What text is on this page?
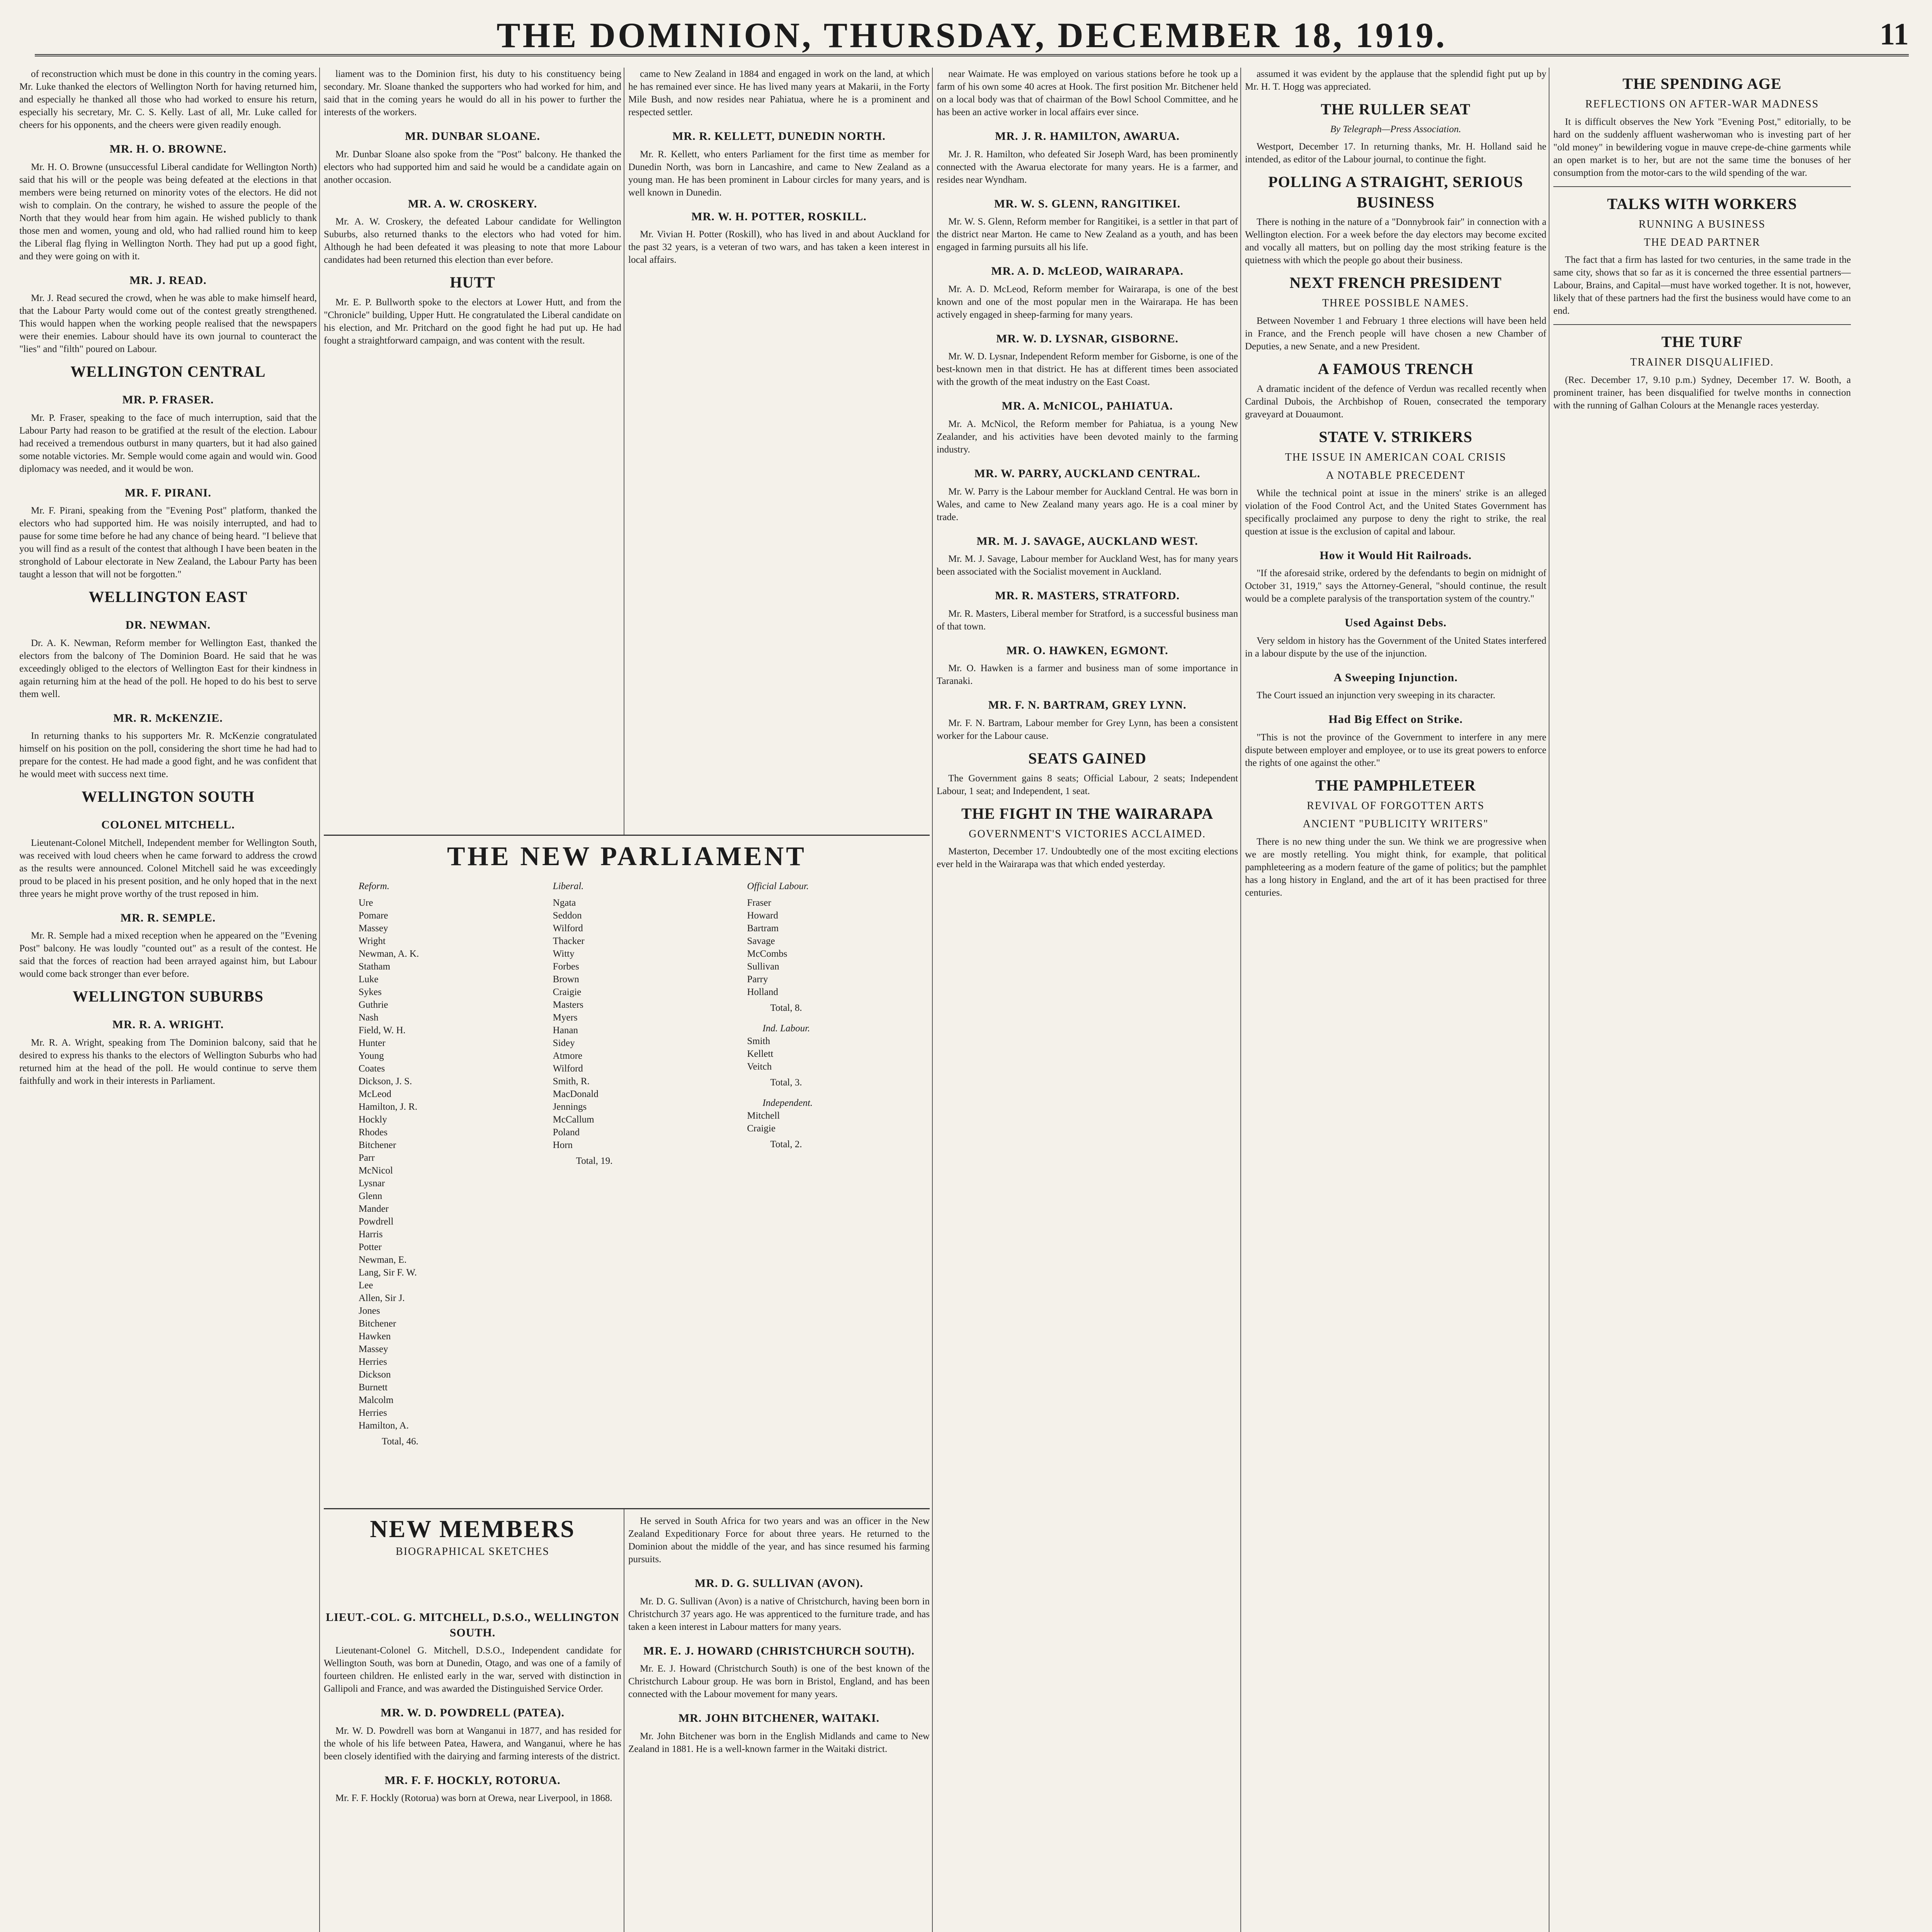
THE DOMINION, THURSDAY, DECEMBER 18, 1919.	11

of reconstruction which must be done in this country in the coming years. Mr. Luke thanked the electors of Wellington North for having returned him, and especially he thanked all those who had worked to ensure his return, especially his secretary, Mr. C. S. Kelly. Last of all, Mr. Luke called for cheers for his opponents, and the cheers were given readily enough.

MR. H. O. BROWNE.

Mr. H. O. Browne (unsuccessful Liberal candidate for Wellington North) said that his will or the people was being defeated at the elections in that members were being returned on minority votes of the electors. He did not wish to complain. On the contrary, he wished to assure the people of the North that they would hear from him again. He wished publicly to thank those men and women, young and old, who had rallied round him to keep the Liberal flag flying in Wellington North. They had put up a good fight, and they were going on with it.

MR. J. READ.

Mr. J. Read secured the crowd, when he was able to make himself heard, that the Labour Party would come out of the contest greatly strengthened. This would happen when the working people realised that the newspapers were their enemies. Labour should have its own journal to counteract the "lies" and "filth" poured on Labour.

WELLINGTON CENTRAL
MR. P. FRASER.

Mr. P. Fraser, speaking to the face of much interruption, said that the Labour Party had reason to be gratified at the result of the election. Labour had received a tremendous outburst in many quarters, but it had also gained some notable victories. Mr. Semple would come again and would win. Good diplomacy was needed, and it would be won.

MR. F. PIRANI.

Mr. F. Pirani, speaking from the "Evening Post" platform, thanked the electors who had supported him. He was noisily interrupted, and had to pause for some time before he had any chance of being heard. "I believe that you will find as a result of the contest that although I have been beaten in the stronghold of Labour electorate in New Zealand, the Labour Party has been taught a lesson that will not be forgotten."

WELLINGTON EAST
DR. NEWMAN.

Dr. A. K. Newman, Reform member for Wellington East, thanked the electors from the balcony of The Dominion Board. He said that he was exceedingly obliged to the electors of Wellington East for their kindness in again returning him at the head of the poll. He hoped to do his best to serve them well.

MR. R. McKENZIE.

In returning thanks to his supporters Mr. R. McKenzie congratulated himself on his position on the poll, considering the short time he had had to prepare for the contest. He had made a good fight, and he was confident that he would meet with success next time.

WELLINGTON SOUTH
COLONEL MITCHELL.

Lieutenant-Colonel Mitchell, Independent member for Wellington South, was received with loud cheers when he came forward to address the crowd as the results were announced. Colonel Mitchell said he was exceedingly proud to be placed in his present position, and he only hoped that in the next three years he might prove worthy of the trust reposed in him.

MR. R. SEMPLE.

Mr. R. Semple had a mixed reception when he appeared on the "Evening Post" balcony. He was loudly "counted out" as a result of the contest. He said that the forces of reaction had been arrayed against him, but Labour would come back stronger than ever before.

WELLINGTON SUBURBS
MR. R. A. WRIGHT.

Mr. R. A. Wright, speaking from The Dominion balcony, said that he desired to express his thanks to the electors of Wellington Suburbs who had returned him at the head of the poll. He would continue to serve them faithfully and work in their interests in Parliament.

liament was to the Dominion first, his duty to his constituency being secondary. Mr. Sloane thanked the supporters who had worked for him, and said that in the coming years he would do all in his power to further the interests of the workers.

MR. DUNBAR SLOANE.

Mr. Dunbar Sloane also spoke from the "Post" balcony. He thanked the electors who had supported him and said he would be a candidate again on another occasion.

MR. A. W. CROSKERY.

Mr. A. W. Croskery, the defeated Labour candidate for Wellington Suburbs, also returned thanks to the electors who had voted for him. Although he had been defeated it was pleasing to note that more Labour candidates had been returned this election than ever before.

HUTT

Mr. E. P. Bullworth spoke to the electors at Lower Hutt, and from the "Chronicle" building, Upper Hutt. He congratulated the Liberal candidate on his election, and Mr. Pritchard on the good fight he had put up. He had fought a straightforward campaign, and was content with the result.

came to New Zealand in 1884 and engaged in work on the land, at which he has remained ever since. He has lived many years at Makarii, in the Forty Mile Bush, and now resides near Pahiatua, where he is a prominent and respected settler.

MR. R. KELLETT, DUNEDIN NORTH.

Mr. R. Kellett, who enters Parliament for the first time as member for Dunedin North, was born in Lancashire, and came to New Zealand as a young man. He has been prominent in Labour circles for many years, and is well known in Dunedin.

MR. W. H. POTTER, ROSKILL.

Mr. Vivian H. Potter (Roskill), who has lived in and about Auckland for the past 32 years, is a veteran of two wars, and has taken a keen interest in local affairs.

THE NEW PARLIAMENT
Reform.
Ure
Pomare
Massey
Wright
Newman, A. K.
Statham
Luke
Sykes
Guthrie
Nash
Field, W. H.
Hunter
Young
Coates
Dickson, J. S.
McLeod
Hamilton, J. R.
Hockly
Rhodes
Bitchener
Parr
McNicol
Lysnar
Glenn
Mander
Powdrell
Harris
Potter
Newman, E.
Lang, Sir F. W.
Lee
Allen, Sir J.
Jones
Bitchener
Hawken
Massey
Herries
Dickson
Burnett
Malcolm
Herries
Hamilton, A.
Total, 46.
Liberal.
Ngata
Seddon
Wilford
Thacker
Witty
Forbes
Brown
Craigie
Masters
Myers
Hanan
Sidey
Atmore
Wilford
Smith, R.
MacDonald
Jennings
McCallum
Poland
Horn
Total, 19.
Official Labour.
Fraser
Howard
Bartram
Savage
McCombs
Sullivan
Parry
Holland
Total, 8.
Ind. Labour.
Smith
Kellett
Veitch
Total, 3.
Independent.
Mitchell
Craigie
Total, 2.
NEW MEMBERS
BIOGRAPHICAL SKETCHES
LIEUT.-COL. G. MITCHELL, D.S.O., WELLINGTON SOUTH.

Lieutenant-Colonel G. Mitchell, D.S.O., Independent candidate for Wellington South, was born at Dunedin, Otago, and was one of a family of fourteen children. He enlisted early in the war, served with distinction in Gallipoli and France, and was awarded the Distinguished Service Order.

MR. W. D. POWDRELL (PATEA).

Mr. W. D. Powdrell was born at Wanganui in 1877, and has resided for the whole of his life between Patea, Hawera, and Wanganui, where he has been closely identified with the dairying and farming interests of the district.

MR. F. F. HOCKLY, ROTORUA.

Mr. F. F. Hockly (Rotorua) was born at Orewa, near Liverpool, in 1868.

He served in South Africa for two years and was an officer in the New Zealand Expeditionary Force for about three years. He returned to the Dominion about the middle of the year, and has since resumed his farming pursuits.

MR. D. G. SULLIVAN (AVON).

Mr. D. G. Sullivan (Avon) is a native of Christchurch, having been born in Christchurch 37 years ago. He was apprenticed to the furniture trade, and has taken a keen interest in Labour matters for many years.

MR. E. J. HOWARD (CHRISTCHURCH SOUTH).

Mr. E. J. Howard (Christchurch South) is one of the best known of the Christchurch Labour group. He was born in Bristol, England, and has been connected with the Labour movement for many years.

MR. JOHN BITCHENER, WAITAKI.

Mr. John Bitchener was born in the English Midlands and came to New Zealand in 1881. He is a well-known farmer in the Waitaki district.

near Waimate. He was employed on various stations before he took up a farm of his own some 40 acres at Hook. The first position Mr. Bitchener held on a local body was that of chairman of the Bowl School Committee, and he has been an active worker in local affairs ever since.

MR. J. R. HAMILTON, AWARUA.

Mr. J. R. Hamilton, who defeated Sir Joseph Ward, has been prominently connected with the Awarua electorate for many years. He is a farmer, and resides near Wyndham.

MR. W. S. GLENN, RANGITIKEI.

Mr. W. S. Glenn, Reform member for Rangitikei, is a settler in that part of the district near Marton. He came to New Zealand as a youth, and has been engaged in farming pursuits all his life.

MR. A. D. McLEOD, WAIRARAPA.

Mr. A. D. McLeod, Reform member for Wairarapa, is one of the best known and one of the most popular men in the Wairarapa. He has been actively engaged in sheep-farming for many years.

MR. W. D. LYSNAR, GISBORNE.

Mr. W. D. Lysnar, Independent Reform member for Gisborne, is one of the best-known men in that district. He has at different times been associated with the growth of the meat industry on the East Coast.

MR. A. McNICOL, PAHIATUA.

Mr. A. McNicol, the Reform member for Pahiatua, is a young New Zealander, and his activities have been devoted mainly to the farming industry.

MR. W. PARRY, AUCKLAND CENTRAL.

Mr. W. Parry is the Labour member for Auckland Central. He was born in Wales, and came to New Zealand many years ago. He is a coal miner by trade.

MR. M. J. SAVAGE, AUCKLAND WEST.

Mr. M. J. Savage, Labour member for Auckland West, has for many years been associated with the Socialist movement in Auckland.

MR. R. MASTERS, STRATFORD.

Mr. R. Masters, Liberal member for Stratford, is a successful business man of that town.

MR. O. HAWKEN, EGMONT.

Mr. O. Hawken is a farmer and business man of some importance in Taranaki.

MR. F. N. BARTRAM, GREY LYNN.

Mr. F. N. Bartram, Labour member for Grey Lynn, has been a consistent worker for the Labour cause.

SEATS GAINED

The Government gains 8 seats; Official Labour, 2 seats; Independent Labour, 1 seat; and Independent, 1 seat.

THE FIGHT IN THE WAIRARAPA
GOVERNMENT'S VICTORIES ACCLAIMED.

Masterton, December 17. Undoubtedly one of the most exciting elections ever held in the Wairarapa was that which ended yesterday.

assumed it was evident by the applause that the splendid fight put up by Mr. H. T. Hogg was appreciated.

THE RULLER SEAT
By Telegraph—Press Association.

Westport, December 17. In returning thanks, Mr. H. Holland said he intended, as editor of the Labour journal, to continue the fight.

POLLING A STRAIGHT, SERIOUS BUSINESS

There is nothing in the nature of a "Donnybrook fair" in connection with a Wellington election. For a week before the day electors may become excited and vocally all matters, but on polling day the most striking feature is the quietness with which the people go about their business.

NEXT FRENCH PRESIDENT
THREE POSSIBLE NAMES.

Between November 1 and February 1 three elections will have been held in France, and the French people will have chosen a new Chamber of Deputies, a new Senate, and a new President.

A FAMOUS TRENCH

A dramatic incident of the defence of Verdun was recalled recently when Cardinal Dubois, the Archbishop of Rouen, consecrated the temporary graveyard at Douaumont.

STATE V. STRIKERS
THE ISSUE IN AMERICAN COAL CRISIS
A NOTABLE PRECEDENT

While the technical point at issue in the miners' strike is an alleged violation of the Food Control Act, and the United States Government has specifically proclaimed any purpose to deny the right to strike, the real question at issue is the exclusion of capital and labour.

How it Would Hit Railroads.

"If the aforesaid strike, ordered by the defendants to begin on midnight of October 31, 1919," says the Attorney-General, "should continue, the result would be a complete paralysis of the transportation system of the country."

Used Against Debs.

Very seldom in history has the Government of the United States interfered in a labour dispute by the use of the injunction.

A Sweeping Injunction.

The Court issued an injunction very sweeping in its character.

Had Big Effect on Strike.

"This is not the province of the Government to interfere in any mere dispute between employer and employee, or to use its great powers to enforce the rights of one against the other."

THE PAMPHLETEER
REVIVAL OF FORGOTTEN ARTS
ANCIENT "PUBLICITY WRITERS"

There is no new thing under the sun. We think we are progressive when we are mostly retelling. You might think, for example, that political pamphleteering as a modern feature of the game of politics; but the pamphlet has a long history in England, and the art of it has been practised for three centuries.

THE SPENDING AGE
REFLECTIONS ON AFTER-WAR MADNESS

It is difficult observes the New York "Evening Post," editorially, to be hard on the suddenly affluent washerwoman who is investing part of her "old money" in bewildering vogue in mauve crepe-de-chine garments while an open market is to her, but are not the same time the bonuses of her consumption from the motor-cars to the wild spending of the war.

TALKS WITH WORKERS
RUNNING A BUSINESS
THE DEAD PARTNER

The fact that a firm has lasted for two centuries, in the same trade in the same city, shows that so far as it is concerned the three essential partners—Labour, Brains, and Capital—must have worked together. It is not, however, likely that of these partners had the first the business would have come to an end.

THE TURF
TRAINER DISQUALIFIED.

(Rec. December 17, 9.10 p.m.) Sydney, December 17. W. Booth, a prominent trainer, has been disqualified for twelve months in connection with the running of Galhan Colours at the Menangle races yesterday.
